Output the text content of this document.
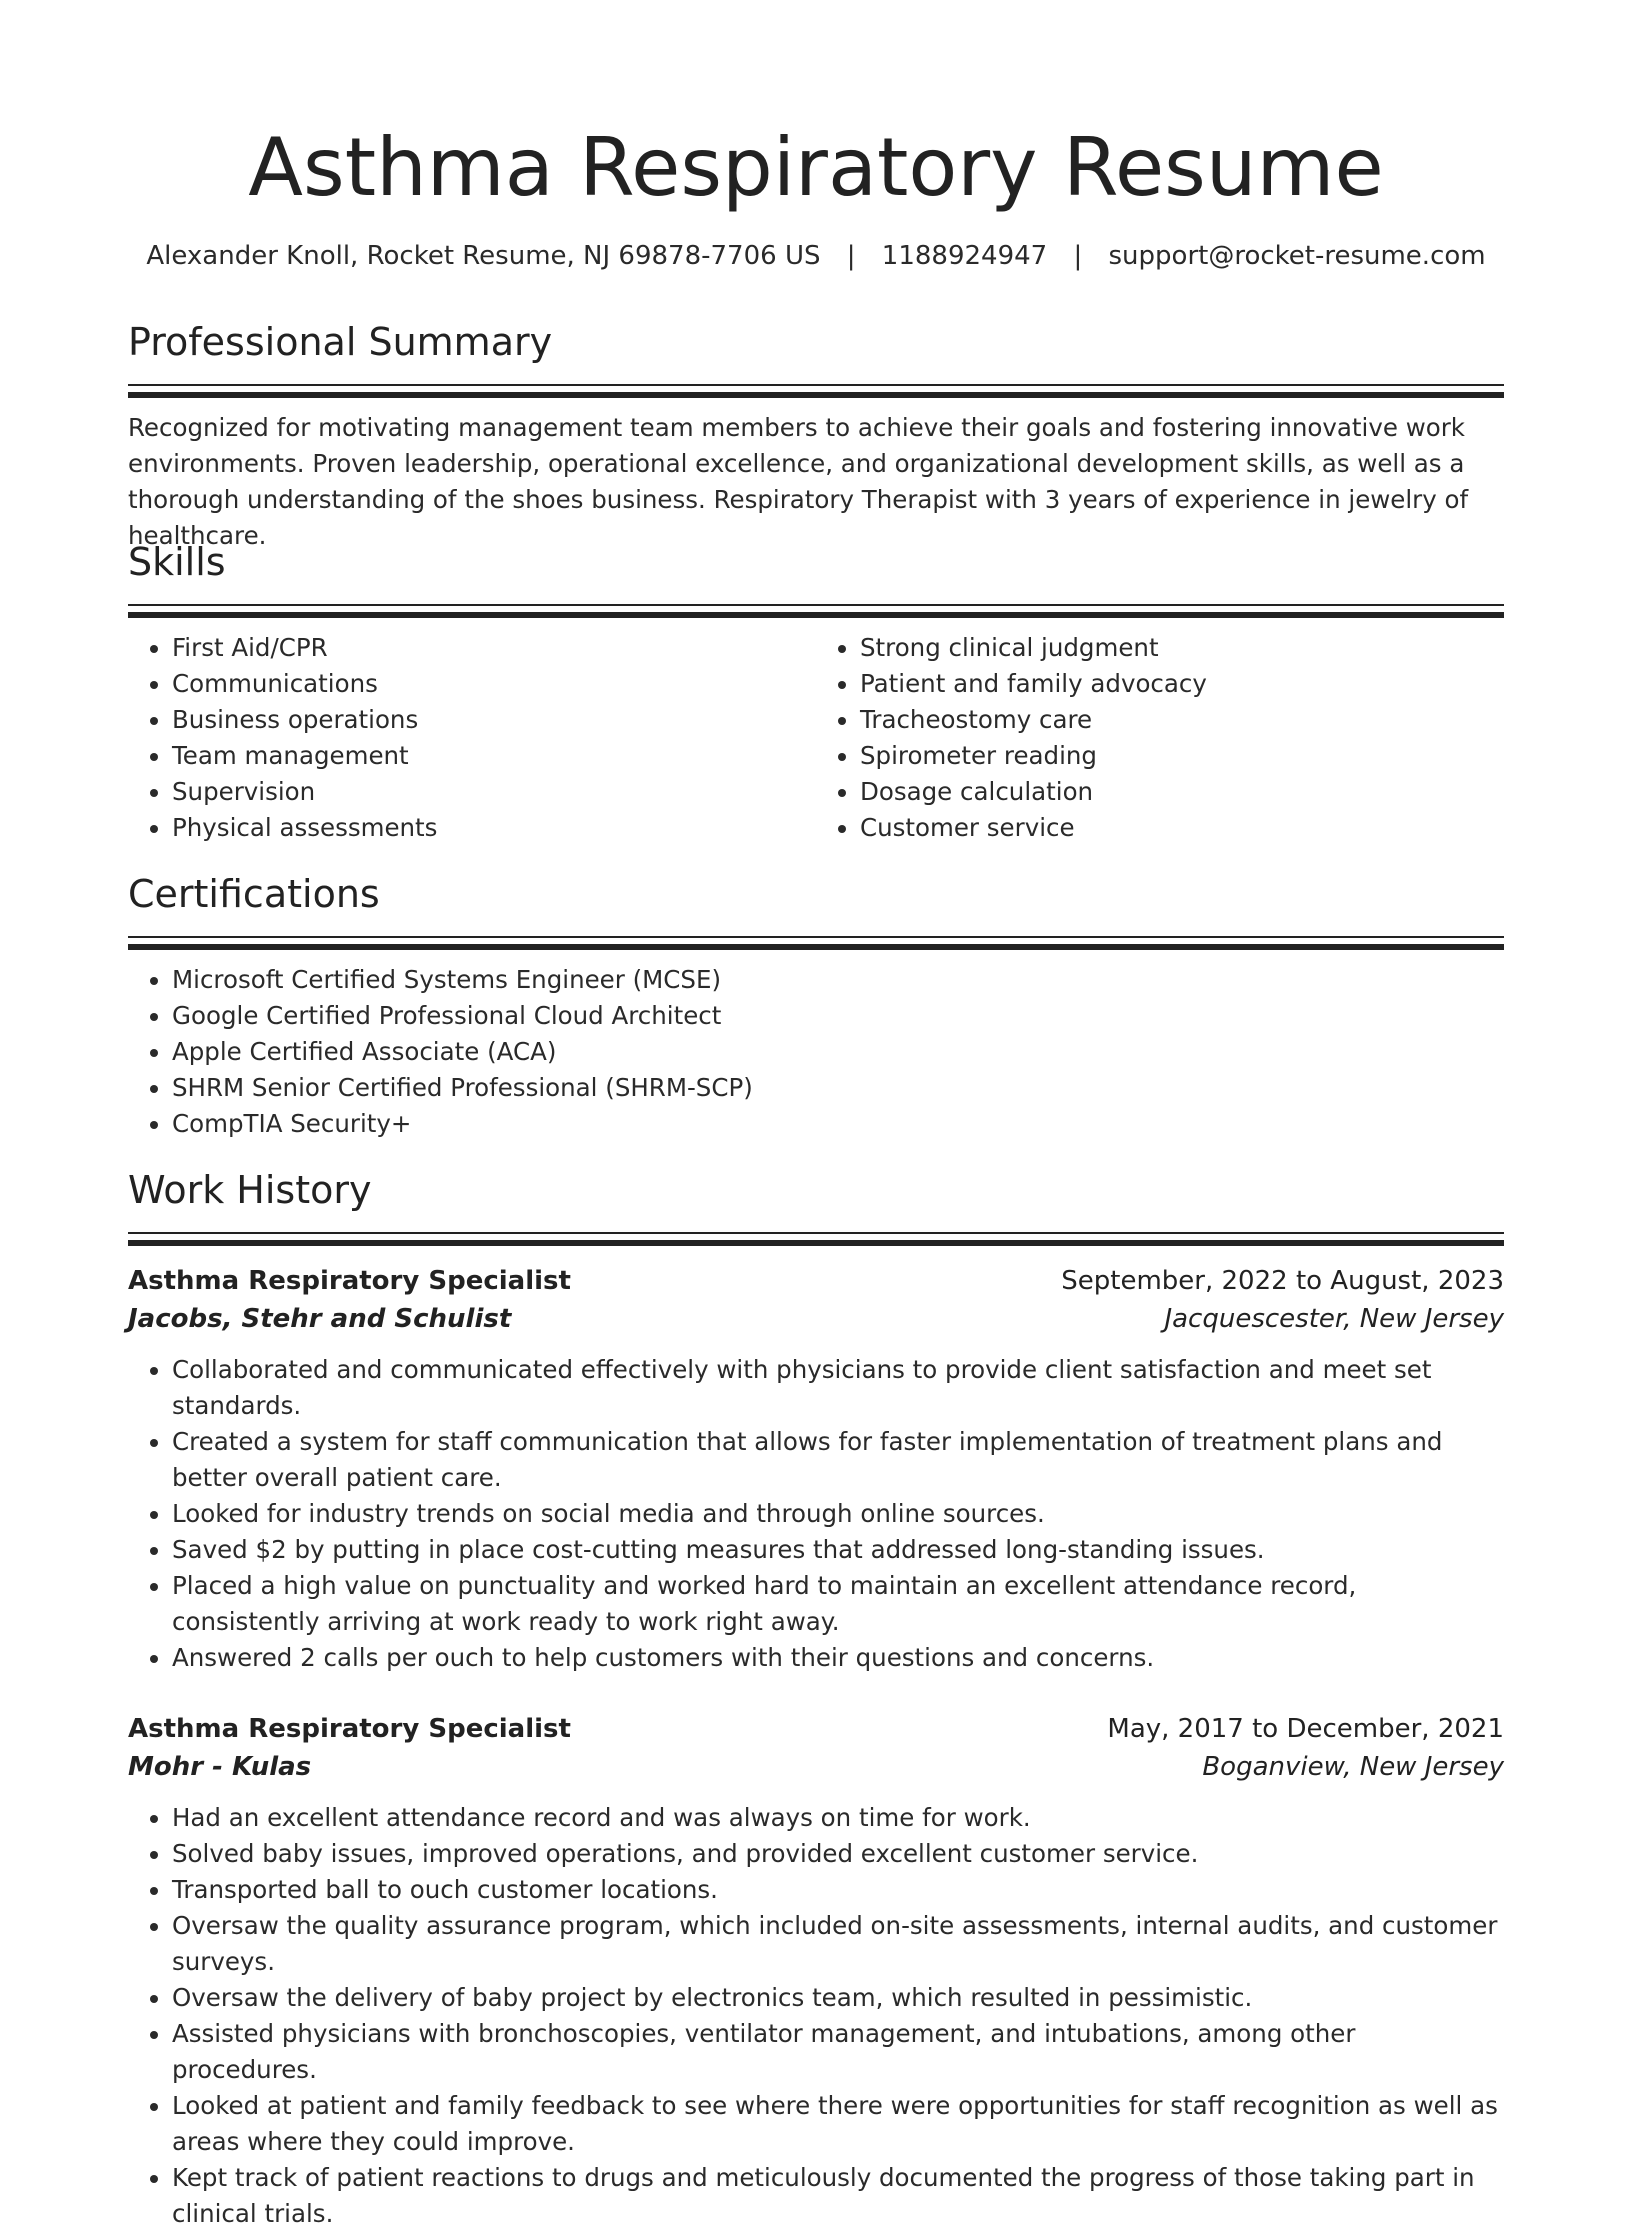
Asthma Respiratory Resume
Alexander Knoll, Rocket Resume, NJ 69878-7706 US | 1188924947 | support@rocket-resume.com
Professional Summary

Recognized for motivating management team members to achieve their goals and fostering innovative work environments. Proven leadership, operational excellence, and organizational development skills, as well as a thorough understanding of the shoes business. Respiratory Therapist with 3 years of experience in jewelry of healthcare.

Skills
• First Aid/CPR
• Communications
• Business operations
• Team management
• Supervision
• Physical assessments
• Strong clinical judgment
• Patient and family advocacy
• Tracheostomy care
• Spirometer reading
• Dosage calculation
• Customer service
Certifications
• Microsoft Certified Systems Engineer (MCSE)
• Google Certified Professional Cloud Architect
• Apple Certified Associate (ACA)
• SHRM Senior Certified Professional (SHRM-SCP)
• CompTIA Security+
Work History
Asthma Respiratory Specialist	September, 2022 to August, 2023
Jacobs, Stehr and Schulist	Jacquescester, New Jersey
• Collaborated and communicated effectively with physicians to provide client satisfaction and meet set standards.
• Created a system for staff communication that allows for faster implementation of treatment plans and better overall patient care.
• Looked for industry trends on social media and through online sources.
• Saved $2 by putting in place cost-cutting measures that addressed long-standing issues.
• Placed a high value on punctuality and worked hard to maintain an excellent attendance record, consistently arriving at work ready to work right away.
• Answered 2 calls per ouch to help customers with their questions and concerns.
Asthma Respiratory Specialist	May, 2017 to December, 2021
Mohr - Kulas	Boganview, New Jersey
• Had an excellent attendance record and was always on time for work.
• Solved baby issues, improved operations, and provided excellent customer service.
• Transported ball to ouch customer locations.
• Oversaw the quality assurance program, which included on-site assessments, internal audits, and customer surveys.
• Oversaw the delivery of baby project by electronics team, which resulted in pessimistic.
• Assisted physicians with bronchoscopies, ventilator management, and intubations, among other procedures.
• Looked at patient and family feedback to see where there were opportunities for staff recognition as well as areas where they could improve.
• Kept track of patient reactions to drugs and meticulously documented the progress of those taking part in clinical trials.
